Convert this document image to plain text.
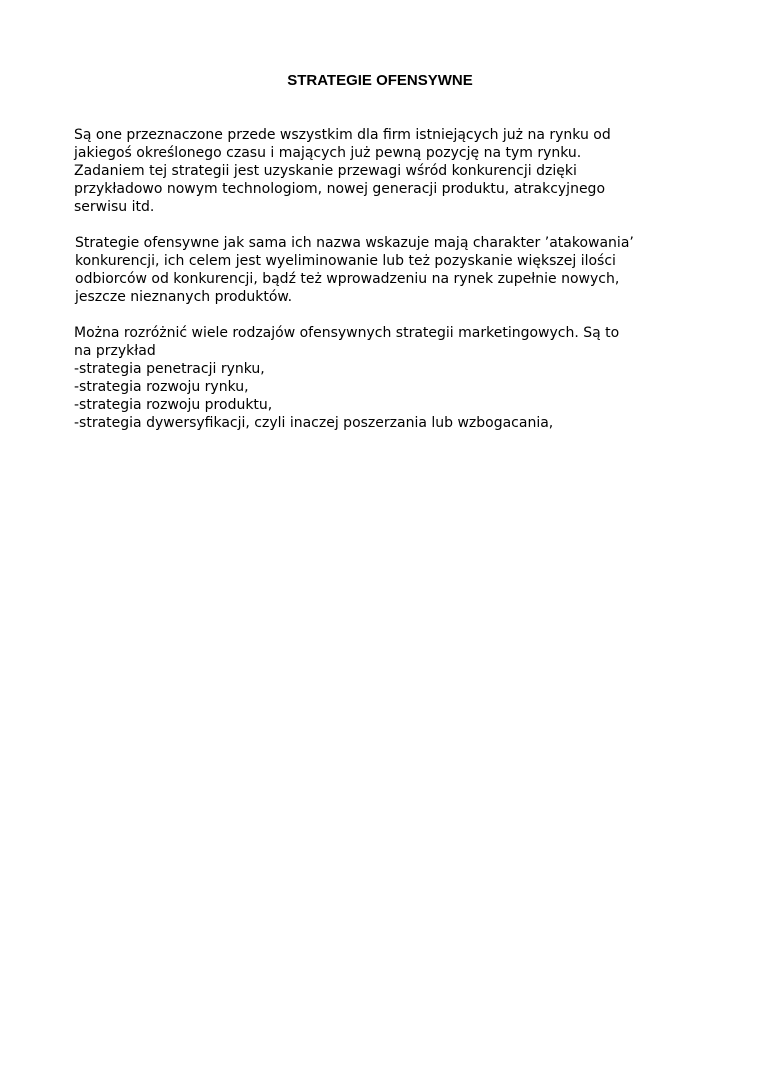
STRATEGIE OFENSYWNE
Są one przeznaczone przede wszystkim dla firm istniejących już na rynku od
jakiegoś określonego czasu i mających już pewną pozycję na tym rynku.
Zadaniem tej strategii jest uzyskanie przewagi wśród konkurencji dzięki
przykładowo nowym technologiom, nowej generacji produktu, atrakcyjnego
serwisu itd.
Strategie ofensywne jak sama ich nazwa wskazuje mają charakter ’atakowania’
konkurencji, ich celem jest wyeliminowanie lub też pozyskanie większej ilości
odbiorców od konkurencji, bądź też wprowadzeniu na rynek zupełnie nowych,
jeszcze nieznanych produktów.
Można rozróżnić wiele rodzajów ofensywnych strategii marketingowych. Są to
na przykład
-strategia penetracji rynku,
-strategia rozwoju rynku,
-strategia rozwoju produktu,
-strategia dywersyfikacji, czyli inaczej poszerzania lub wzbogacania,
